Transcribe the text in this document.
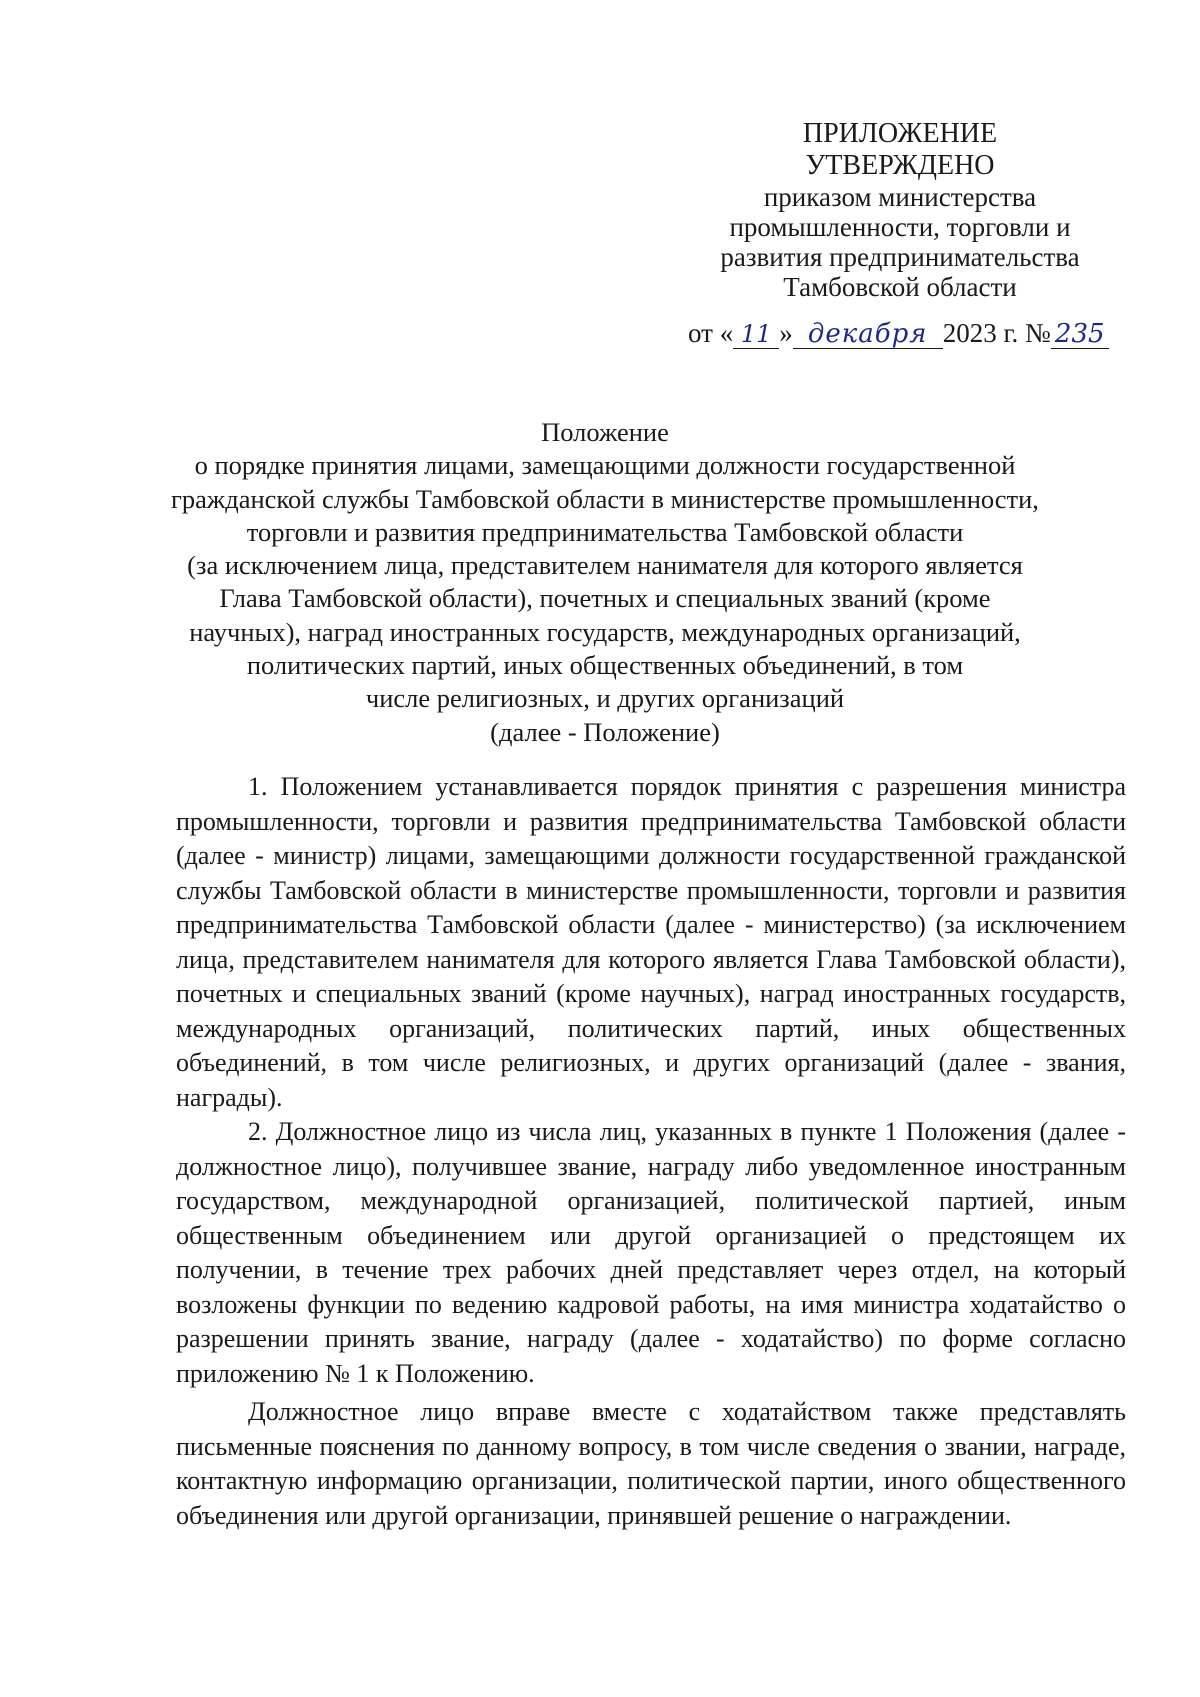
ПРИЛОЖЕНИЕ
УТВЕРЖДЕНО
приказом министерства
промышленности, торговли и
развития предпринимательства
Тамбовской области
от « 11 » декабря 2023 г. № 235
Положение
о порядке принятия лицами, замещающими должности государственной
гражданской службы Тамбовской области в министерстве промышленности,
торговли и развития предпринимательства Тамбовской области
(за исключением лица, представителем нанимателя для которого является
Глава Тамбовской области), почетных и специальных званий (кроме
научных), наград иностранных государств, международных организаций,
политических партий, иных общественных объединений, в том
числе религиозных, и других организаций
(далее - Положение)

1. Положением устанавливается порядок принятия с разрешения министра промышленности, торговли и развития предпринимательства Тамбовской области (далее - министр) лицами, замещающими должности государственной гражданской службы Тамбовской области в министерстве промышленности, торговли и развития предпринимательства Тамбовской области (далее - министерство) (за исключением лица, представителем нанимателя для которого является Глава Тамбовской области), почетных и специальных званий (кроме научных), наград иностранных государств, международных организаций, политических партий, иных общественных объединений, в том числе религиозных, и других организаций (далее - звания, награды).

2. Должностное лицо из числа лиц, указанных в пункте 1 Положения (далее - должностное лицо), получившее звание, награду либо уведомленное иностранным государством, международной организацией, политической партией, иным общественным объединением или другой организацией о предстоящем их получении, в течение трех рабочих дней представляет через отдел, на который возложены функции по ведению кадровой работы, на имя министра ходатайство о разрешении принять звание, награду (далее - ходатайство) по форме согласно приложению № 1 к Положению.

Должностное лицо вправе вместе с ходатайством также представлять письменные пояснения по данному вопросу, в том числе сведения о звании, награде, контактную информацию организации, политической партии, иного общественного объединения или другой организации, принявшей решение о награждении.
